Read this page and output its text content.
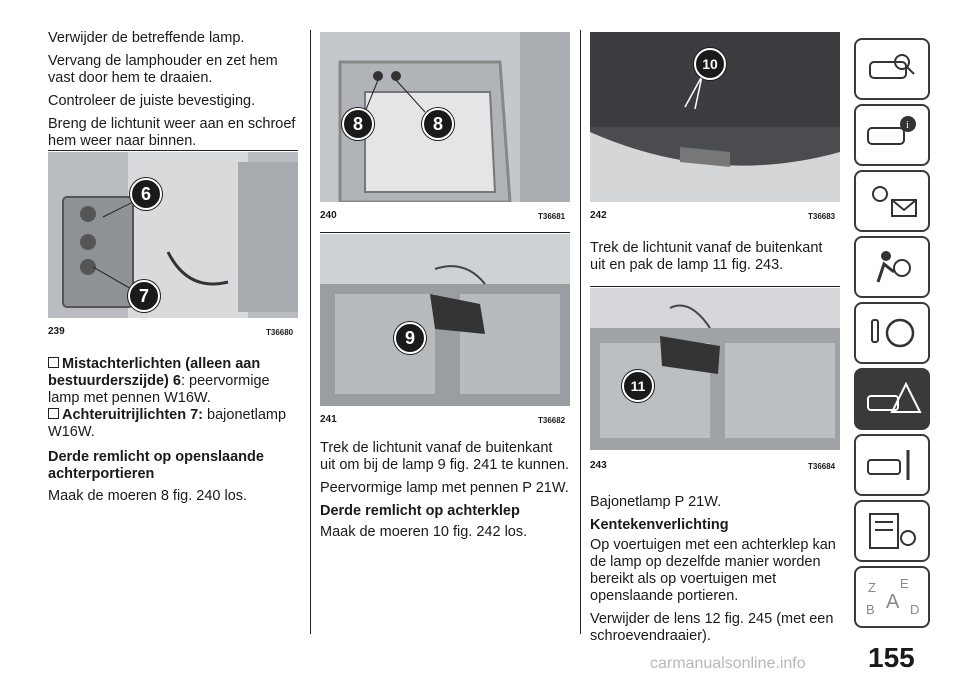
Verwijder de betreffende lamp.

Vervang de lamphouder en zet hem vast door hem te draaien.

Controleer de juiste bevestiging.

Breng de lichtunit weer aan en schroef hem weer naar binnen.

6
7
239	T36680

Mistachterlichten (alleen aan bestuurderszijde) 6: peervormige lamp met pennen W16W.

Achteruitrijlichten 7: bajonetlamp W16W.

Derde remlicht op openslaande achterportieren

Maak de moeren 8 fig. 240 los.

8	8
240	T36681
9
241	T36682

Trek de lichtunit vanaf de buitenkant uit om bij de lamp 9 fig. 241 te kunnen.

Peervormige lamp met pennen P 21W.

Derde remlicht op achterklep

Maak de moeren 10 fig. 242 los.

10
242	T36683

Trek de lichtunit vanaf de buitenkant uit en pak de lamp 11 fig. 243.

11
243	T36684

Bajonetlamp P 21W.

Kentekenverlichting

Op voertuigen met een achterklep kan de lamp op dezelfde manier worden bereikt als op voertuigen met openslaande portieren.

Verwijder de lens 12 fig. 245 (met een schroevendraaier).

i
Z E
A
B	D
155
carmanualsonline.info
